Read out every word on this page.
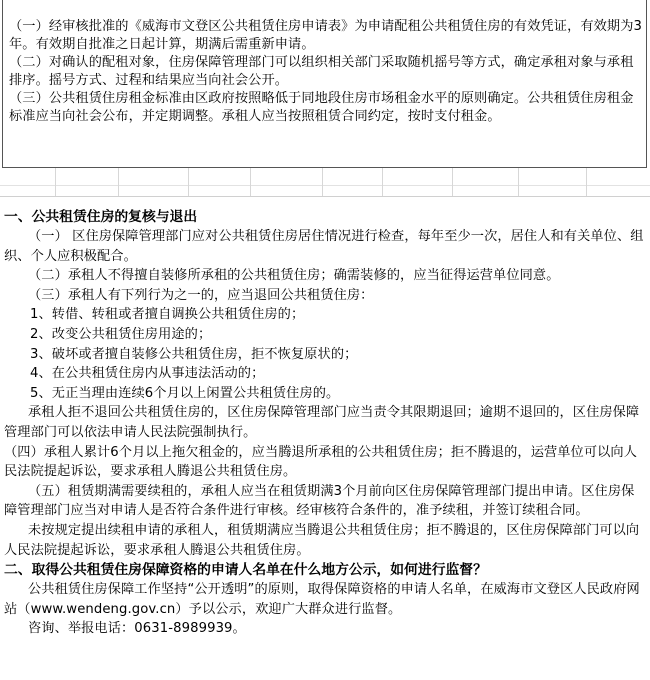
（一）经审核批准的《威海市文登区公共租赁住房申请表》为申请配租公共租赁住房的有效凭证，有效期为3年。有效期自批准之日起计算，期满后需重新申请。

（二）对确认的配租对象，住房保障管理部门可以组织相关部门采取随机摇号等方式，确定承租对象与承租排序。摇号方式、过程和结果应当向社会公开。

（三）公共租赁住房租金标准由区政府按照略低于同地段住房市场租金水平的原则确定。公共租赁住房租金标准应当向社会公布，并定期调整。承租人应当按照租赁合同约定，按时支付租金。

一、公共租赁住房的复核与退出

（一） 区住房保障管理部门应对公共租赁住房居住情况进行检查，每年至少一次，居住人和有关单位、组织、个人应积极配合。

（二）承租人不得擅自装修所承租的公共租赁住房；确需装修的，应当征得运营单位同意。

（三）承租人有下列行为之一的，应当退回公共租赁住房：

1、转借、转租或者擅自调换公共租赁住房的；

2、改变公共租赁住房用途的；

3、破坏或者擅自装修公共租赁住房，拒不恢复原状的；

4、在公共租赁住房内从事违法活动的；

5、无正当理由连续6个月以上闲置公共租赁住房的。

承租人拒不退回公共租赁住房的，区住房保障管理部门应当责令其限期退回；逾期不退回的，区住房保障管理部门可以依法申请人民法院强制执行。

（四）承租人累计6个月以上拖欠租金的，应当腾退所承租的公共租赁住房；拒不腾退的，运营单位可以向人民法院提起诉讼，要求承租人腾退公共租赁住房。

（五）租赁期满需要续租的，承租人应当在租赁期满3个月前向区住房保障管理部门提出申请。区住房保障管理部门应当对申请人是否符合条件进行审核。经审核符合条件的，准予续租，并签订续租合同。

未按规定提出续租申请的承租人，租赁期满应当腾退公共租赁住房；拒不腾退的，区住房保障部门可以向人民法院提起诉讼，要求承租人腾退公共租赁住房。

二、取得公共租赁住房保障资格的申请人名单在什么地方公示，如何进行监督？

公共租赁住房保障工作坚持“公开透明”的原则，取得保障资格的申请人名单，在威海市文登区人民政府网站（www.wendeng.gov.cn）予以公示，欢迎广大群众进行监督。

咨询、举报电话：0631-8989939。
